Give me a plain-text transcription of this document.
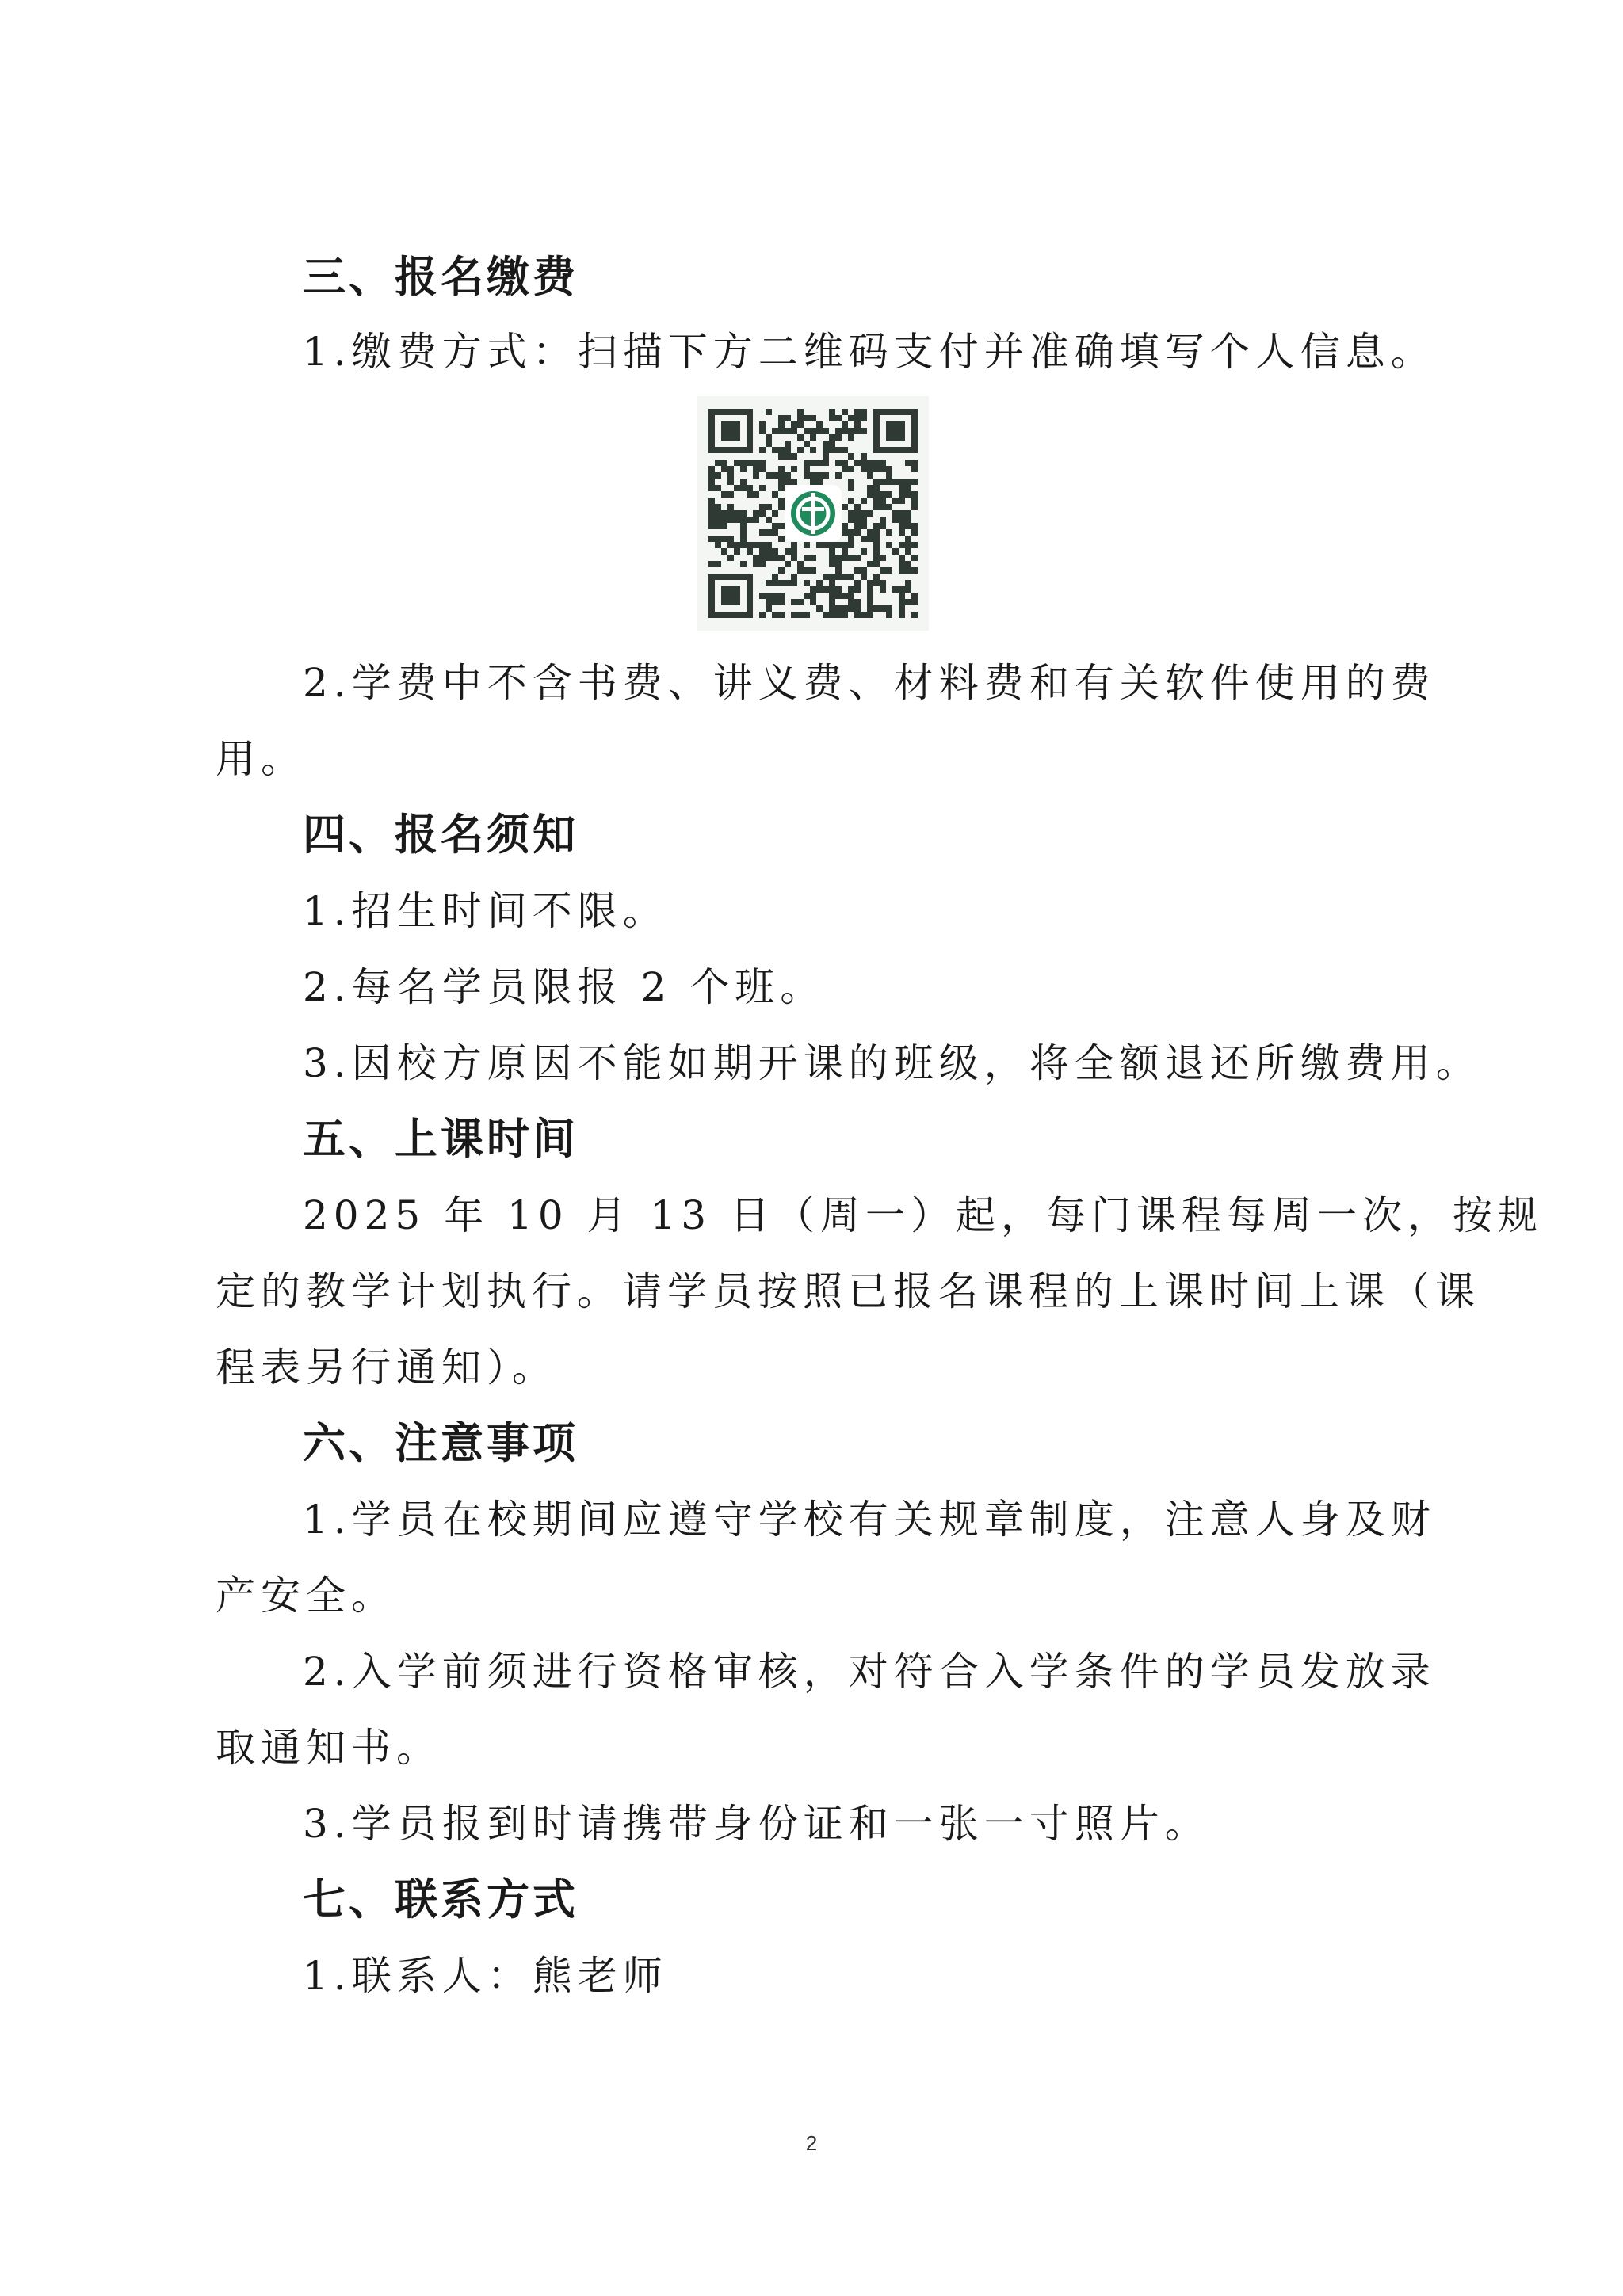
三、报名缴费
1.缴费方式：扫描下方二维码支付并准确填写个人信息。
2.学费中不含书费、讲义费、材料费和有关软件使用的费
用。
四、报名须知
1.招生时间不限。
2.每名学员限报 2 个班。
3.因校方原因不能如期开课的班级，将全额退还所缴费用。
五、上课时间
2025 年 10 月 13 日（周一）起，每门课程每周一次，按规
定的教学计划执行。请学员按照已报名课程的上课时间上课（课
程表另行通知）。
六、注意事项
1.学员在校期间应遵守学校有关规章制度，注意人身及财
产安全。
2.入学前须进行资格审核，对符合入学条件的学员发放录
取通知书。
3.学员报到时请携带身份证和一张一寸照片。
七、联系方式
1.联系人：熊老师
2
